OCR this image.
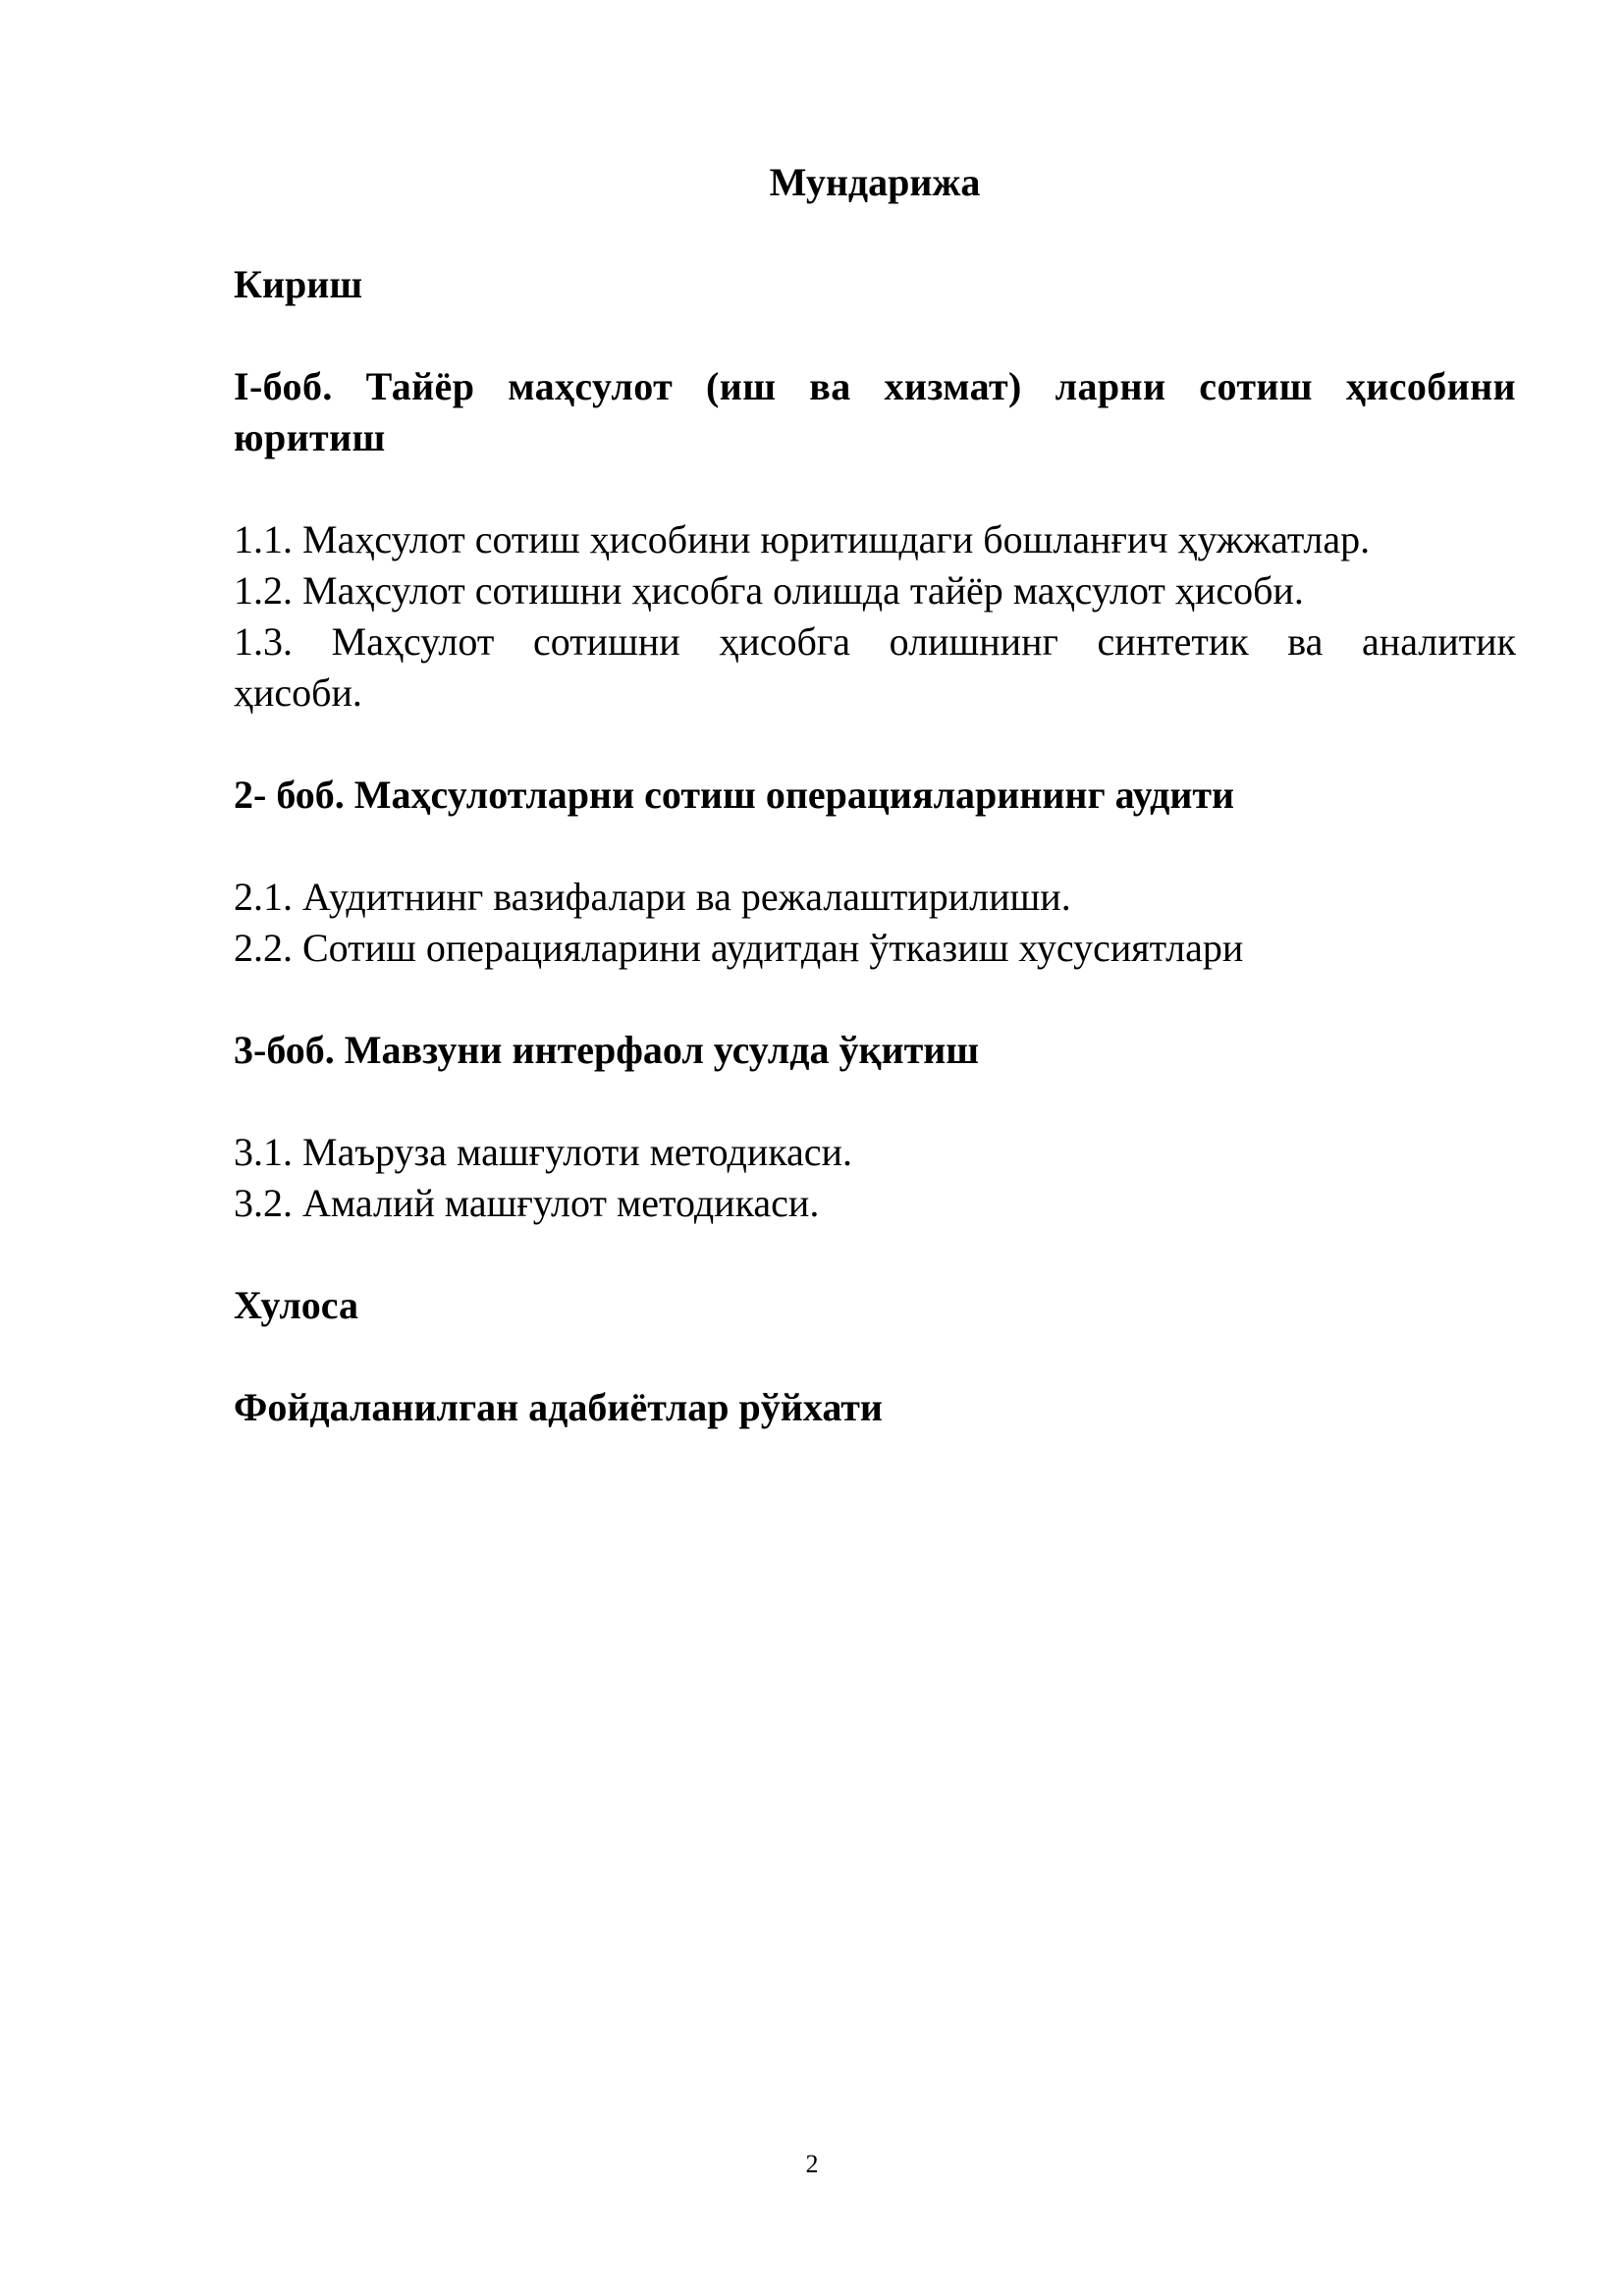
Мундарижа

Кириш

I-боб. Тайёр маҳсулот (иш ва хизмат) ларни сотиш ҳисобини юритиш

1.1. Маҳсулот сотиш ҳисобини юритишдаги бошланғич ҳужжатлар.

1.2. Маҳсулот сотишни ҳисобга олишда тайёр маҳсулот ҳисоби.

1.3. Маҳсулот сотишни ҳисобга олишнинг синтетик ва аналитик ҳисоби.

2- боб. Маҳсулотларни сотиш операцияларининг аудити

2.1. Аудитнинг вазифалари ва режалаштирилиши.

2.2. Сотиш операцияларини аудитдан ўтказиш хусусиятлари

3-боб. Мавзуни интерфаол усулда ўқитиш

3.1. Маъруза машғулоти методикаси.

3.2. Амалий машғулот методикаси.

Хулоса

Фойдаланилган адабиётлар рўйхати

2
